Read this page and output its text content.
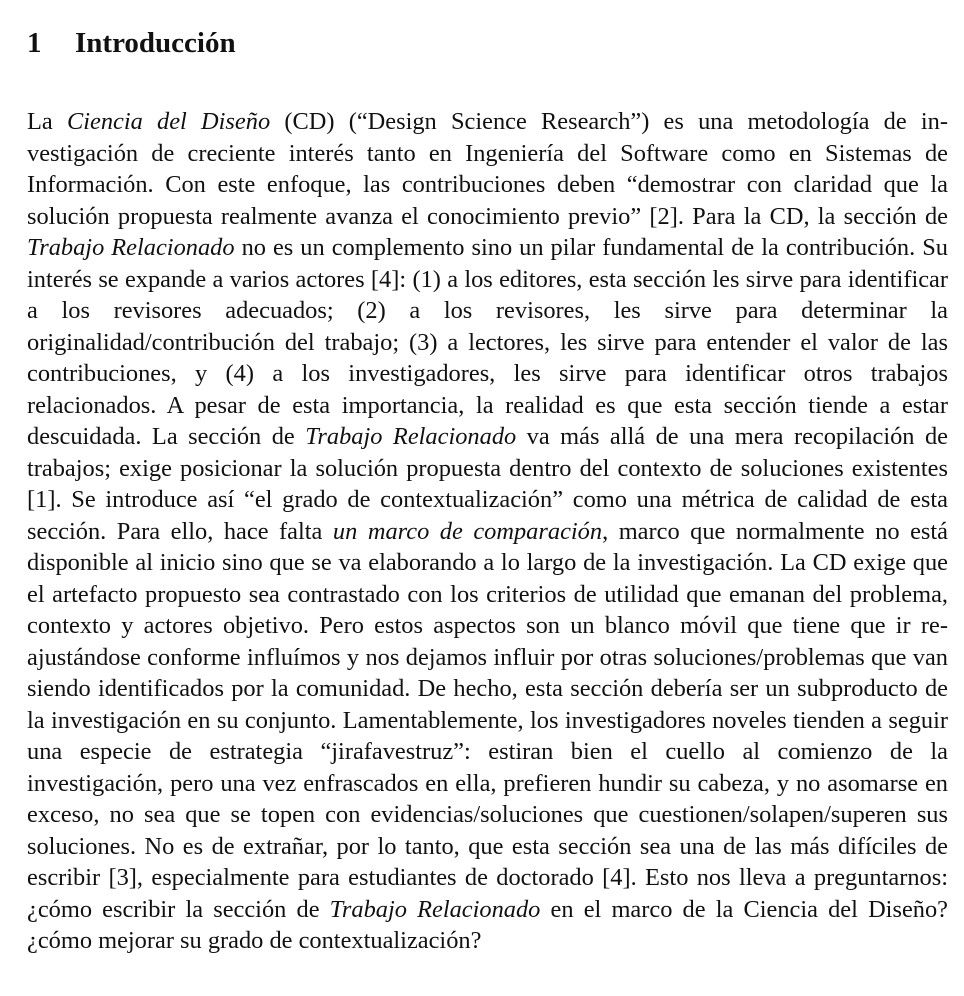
1 Introducción

La Ciencia del Diseño (CD) (“Design Science Research”) es una metodología de investigación de creciente interés tanto en Ingeniería del Software como en Sistemas de Información. Con este enfoque, las contribuciones deben “demostrar con claridad que la solución propuesta realmente avanza el conocimiento previo” [2]. Para la CD, la sección de Trabajo Relacionado no es un complemento sino un pilar fundamental de la contribución. Su interés se expande a varios actores [4]: (1) a los editores, esta sección les sirve para identificar a los revisores adecuados; (2) a los revisores, les sirve para determinar la originalidad/contribución del trabajo; (3) a lectores, les sirve para entender el valor de las contribuciones, y (4) a los investigadores, les sirve para identificar otros trabajos relacionados. A pesar de esta importancia, la realidad es que esta sección tiende a estar descuidada. La sección de Trabajo Relacionado va más allá de una mera recopilación de trabajos; exige posicionar la solución propuesta dentro del contexto de soluciones existentes [1]. Se introduce así “el grado de contextualización” como una métrica de calidad de esta sección. Para ello, hace falta un marco de comparación, marco que normalmente no está disponible al inicio sino que se va elaborando a lo largo de la investigación. La CD exige que el artefacto propuesto sea contrastado con los criterios de utilidad que emanan del problema, contexto y actores objetivo. Pero estos aspectos son un blanco móvil que tiene que ir re-ajustándose conforme influímos y nos dejamos influir por otras soluciones/problemas que van siendo identificados por la comunidad. De hecho, esta sección debería ser un subproducto de la investigación en su conjunto. Lamentablemente, los investigadores noveles tienden a seguir una especie de estrategia “jirafavestruz”: estiran bien el cuello al comienzo de la investigación, pero una vez enfrascados en ella, prefieren hundir su cabeza, y no asomarse en exceso, no sea que se topen con evidencias/soluciones que cuestionen/solapen/superen sus soluciones. No es de extrañar, por lo tanto, que esta sección sea una de las más difíciles de escribir [3], especialmente para estudiantes de doctorado [4]. Esto nos lleva a preguntarnos: ¿cómo escribir la sección de Trabajo Relacionado en el marco de la Ciencia del Diseño? ¿cómo mejorar su grado de contextualización?
